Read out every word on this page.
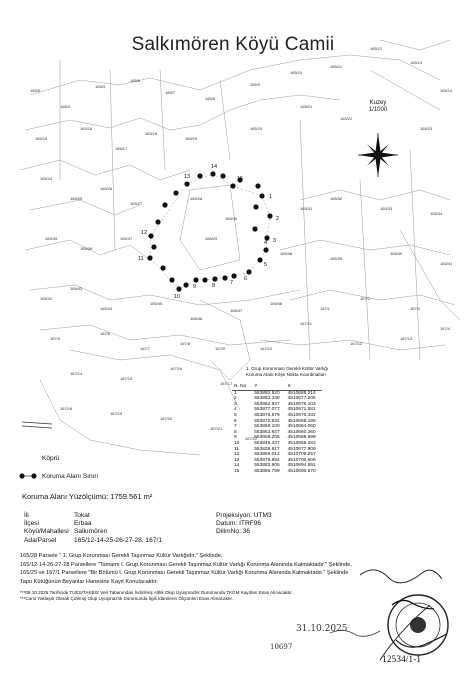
165/5
165/4
165/3
165/6
165/7
165/8
165/9
165/10
165/11
165/12
165/13
165/14
165/15
165/16
165/17
165/18
165/19
165/20
165/21
165/22
165/23
165/24
165/25
165/26
165/27
165/28
165/29
165/30
165/31
165/32
165/33
165/34
165/35
165/36
165/37
165/38
165/39
165/40
165/41
165/42
165/43
165/44
165/45
165/46
165/47
165/48
167/1
167/2
167/3
167/4
167/5
167/6
167/7
167/8
167/9	167/10
167/11
167/12
167/13
167/14
167/15
167/16
167/17
167/18
167/19
167/20
167/21
167/22
1
2
3
4
5
6
7
8
9
10
11
12
13
14
15
Salkımören Köyü Camii
Kuzey
1/1000
1. Grup Korunması Gerekli Kültür Varlığı
Koruma Alanı Köşe Nokta Koordinatları
N. No	Y	X
1	553882.520	4510685.214
2	553883.348	4510677.205
3	553882.937	4510676.103
4	553877.077	4510671.581
5	553876.679	4510670.432
6	553872.834	4510668.186
7	553868.100	4510664.060
8	553863.847	4510660.260
9	553858.205	4510668.699
10	553848.437	4510655.283
11	553828.817	4510677.909
12	553859.012	4510709.257
13	553876.894	4510700.606
14	553883.805	4510694.891
15	553886.799	4510690.570
Köprü
Koruma Alanı Sınırı
Koruma Alanı Yüzölçümü: 1759.561 m²
İli	Tokat
İlçesi	Erbaa
Köyü/Mahallesi Salkımören
Ada/Parsel	165/12-14-25-26-27-28, 167/1
Projeksiyon: UTM3
Datum: ITRF96
DilimNo: 36

165/28 Parsele " 1. Grup Korunması Gerekli Taşınmaz Kültür Varlığıdır." Şeklinde,

165/12-14-26-27-28 Parsellere "Tamamı I. Grup Korunması Gerekli Taşınmaz Kültür Varlığı Korunma Alanında Kalmaktadır." Şeklinde,

165/25 ve 167/1 Parsellere "Bir Bölümü I. Grup Korunması Gerekli Taşınmaz Kültür Varlığı Korunma Alanında Kalmaktadır." Şeklinde

Tapu Kütüğünün Beyanlar Hanesine Kayıt Konulacaktır.

***09.10.2025 Tarihinde TUES/TAKBIS Veri Tabanından İndirilmiş Altlık Olup Uyuşmazlık Durumunda TKGM Kayıtları Esas Alınacaktır.

***Cami Yaklaşık Olarak Çizilmiş Olup Uyuşmazlık Durumunda İlgili İdarelerin Ölçümleri Esas Alınacaktır.

31.10.2025
10697
12534/1-1
